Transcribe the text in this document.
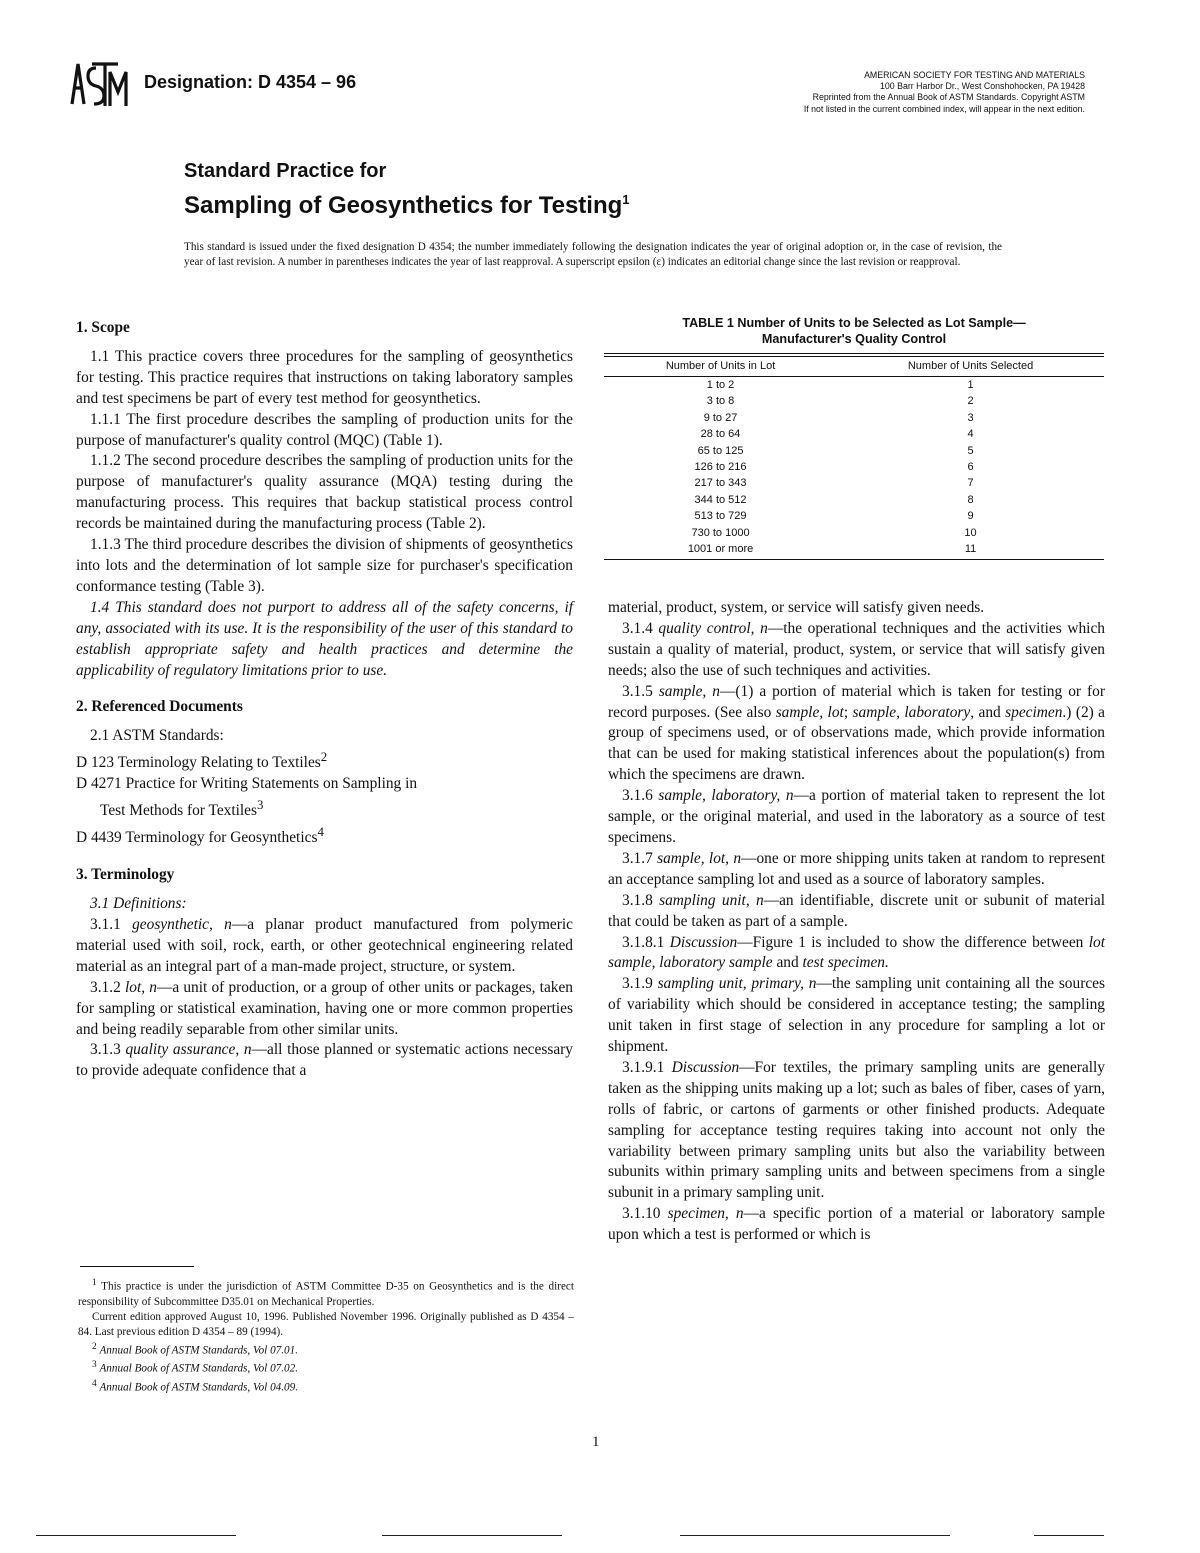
Designation: D 4354 – 96	AMERICAN SOCIETY FOR TESTING AND MATERIALS
100 Barr Harbor Dr., West Conshohocken, PA 19428
Reprinted from the Annual Book of ASTM Standards. Copyright ASTM
If not listed in the current combined index, will appear in the next edition.
Standard Practice for
Sampling of Geosynthetics for Testing$^1$
This standard is issued under the fixed designation D 4354; the number immediately following the designation indicates the year of original adoption or, in the case of revision, the year of last revision. A number in parentheses indicates the year of last reapproval. A superscript epsilon (ε) indicates an editorial change since the last revision or reapproval.
1. Scope

1.1 This practice covers three procedures for the sampling of geosynthetics for testing. This practice requires that instructions on taking laboratory samples and test specimens be part of every test method for geosynthetics.

1.1.1 The first procedure describes the sampling of production units for the purpose of manufacturer's quality control (MQC) (Table 1).

1.1.2 The second procedure describes the sampling of production units for the purpose of manufacturer's quality assurance (MQA) testing during the manufacturing process. This requires that backup statistical process control records be maintained during the manufacturing process (Table 2).

1.1.3 The third procedure describes the division of shipments of geosynthetics into lots and the determination of lot sample size for purchaser's specification conformance testing (Table 3).

1.4 This standard does not purport to address all of the safety concerns, if any, associated with its use. It is the responsibility of the user of this standard to establish appropriate safety and health practices and determine the applicability of regulatory limitations prior to use.

2. Referenced Documents

2.1 ASTM Standards:

D 123 Terminology Relating to Textiles$^2$

D 4271 Practice for Writing Statements on Sampling in

Test Methods for Textiles$^3$

D 4439 Terminology for Geosynthetics$^4$

3. Terminology

3.1 Definitions:

3.1.1 geosynthetic, n—a planar product manufactured from polymeric material used with soil, rock, earth, or other geotechnical engineering related material as an integral part of a man-made project, structure, or system.

3.1.2 lot, n—a unit of production, or a group of other units or packages, taken for sampling or statistical examination, having one or more common properties and being readily separable from other similar units.

3.1.3 quality assurance, n—all those planned or systematic actions necessary to provide adequate confidence that a

TABLE 1 Number of Units to be Selected as Lot Sample—
Manufacturer's Quality Control
Number of Units in Lot	Number of Units Selected
1 to 2	1
3 to 8	2
9 to 27	3
28 to 64	4
65 to 125	5
126 to 216	6
217 to 343	7
344 to 512	8
513 to 729	9
730 to 1000	10
1001 or more	11

material, product, system, or service will satisfy given needs.

3.1.4 quality control, n—the operational techniques and the activities which sustain a quality of material, product, system, or service that will satisfy given needs; also the use of such techniques and activities.

3.1.5 sample, n—(1) a portion of material which is taken for testing or for record purposes. (See also sample, lot; sample, laboratory, and specimen.) (2) a group of specimens used, or of observations made, which provide information that can be used for making statistical inferences about the population(s) from which the specimens are drawn.

3.1.6 sample, laboratory, n—a portion of material taken to represent the lot sample, or the original material, and used in the laboratory as a source of test specimens.

3.1.7 sample, lot, n—one or more shipping units taken at random to represent an acceptance sampling lot and used as a source of laboratory samples.

3.1.8 sampling unit, n—an identifiable, discrete unit or subunit of material that could be taken as part of a sample.

3.1.8.1 Discussion—Figure 1 is included to show the difference between lot sample, laboratory sample and test specimen.

3.1.9 sampling unit, primary, n—the sampling unit containing all the sources of variability which should be considered in acceptance testing; the sampling unit taken in first stage of selection in any procedure for sampling a lot or shipment.

3.1.9.1 Discussion—For textiles, the primary sampling units are generally taken as the shipping units making up a lot; such as bales of fiber, cases of yarn, rolls of fabric, or cartons of garments or other finished products. Adequate sampling for acceptance testing requires taking into account not only the variability between primary sampling units but also the variability between subunits within primary sampling units and between specimens from a single subunit in a primary sampling unit.

3.1.10 specimen, n—a specific portion of a material or laboratory sample upon which a test is performed or which is

$^1$ This practice is under the jurisdiction of ASTM Committee D-35 on Geosynthetics and is the direct responsibility of Subcommittee D35.01 on Mechanical Properties.

Current edition approved August 10, 1996. Published November 1996. Originally published as D 4354 – 84. Last previous edition D 4354 – 89 (1994).

$^2$ Annual Book of ASTM Standards, Vol 07.01.

$^3$ Annual Book of ASTM Standards, Vol 07.02.

$^4$ Annual Book of ASTM Standards, Vol 04.09.

1
